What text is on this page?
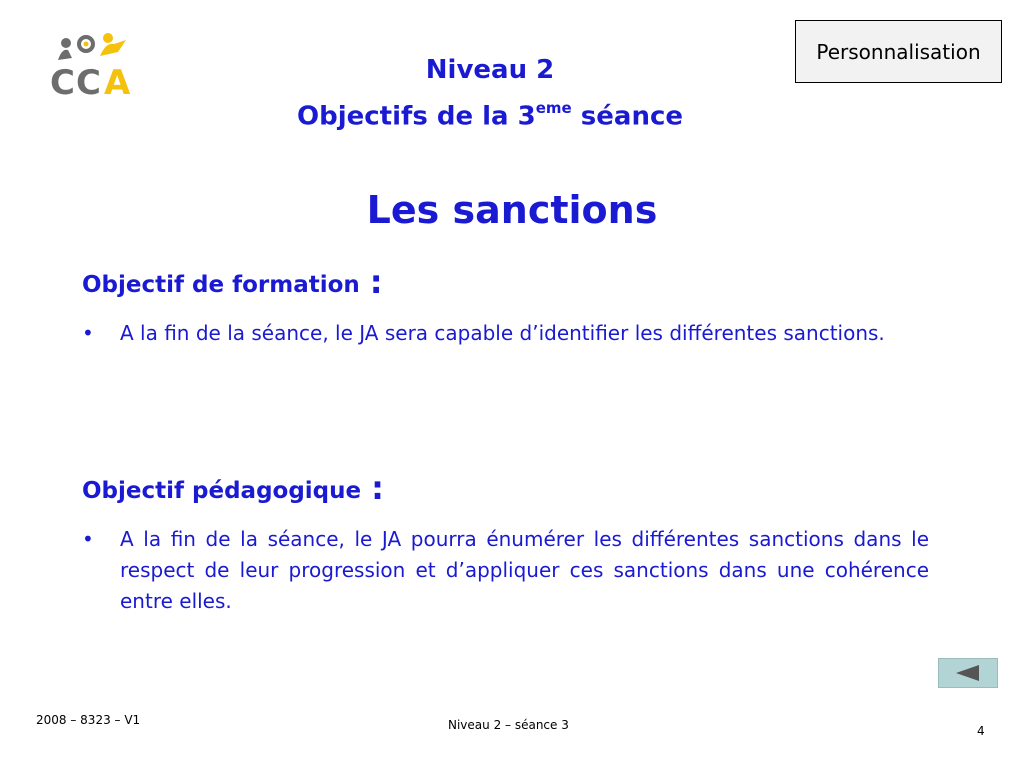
C C A	Niveau 2
Objectifs de la 3eme séance
Personnalisation
Les sanctions
Objectif de formation :
• A la fin de la séance, le JA sera capable d’identifier les différentes sanctions.
Objectif pédagogique :
• A la fin de la séance, le JA pourra énumérer les différentes sanctions dans le respect de leur progression et d’appliquer ces sanctions dans une cohérence entre elles.
2008 – 8323 – V1	Niveau 2 – séance 3	4
